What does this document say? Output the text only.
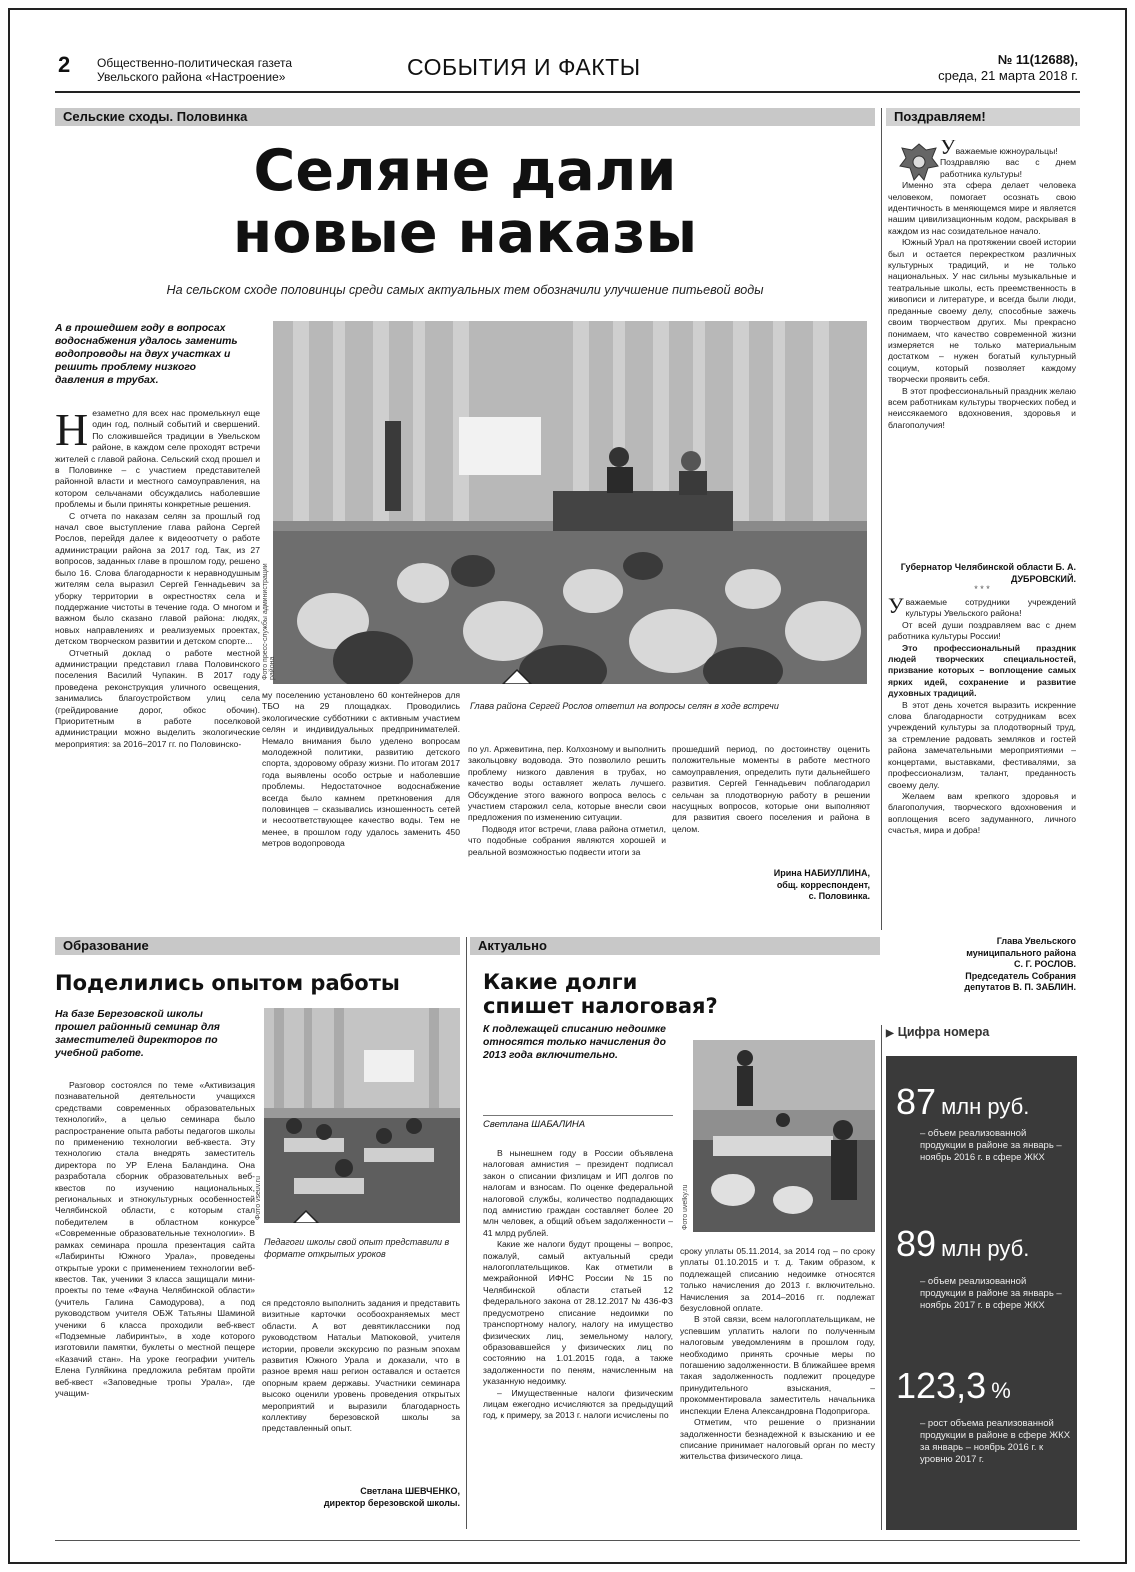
2 Общественно-политическая газета
Увельского района «Настроение»	СОБЫТИЯ И ФАКТЫ	№ 11(12688),
среда, 21 марта 2018 г.
Сельские сходы. Половинка
Селяне дали
новые наказы
На сельском сходе половинцы среди самых актуальных тем обозначили улучшение питьевой воды
А в прошедшем году в вопросах водоснабжения удалось заменить водопроводы на двух участках и решить проблему низкого давления в трубах.
Фото пресс-службы администрации района
Глава района Сергей Рослов ответил на вопросы селян в ходе встречи

Незаметно для всех нас промелькнул еще один год, полный событий и свершений. По сложившейся традиции в Увельском районе, в каждом селе проходят встречи жителей с главой района. Сельский сход прошел и в Половинке – с участием представителей районной власти и местного самоуправления, на котором сельчанами обсуждались наболевшие проблемы и были приняты конкретные решения.

С отчета по наказам селян за прошлый год начал свое выступление глава района Сергей Рослов, перейдя далее к видеоотчету о работе администрации района за 2017 год. Так, из 27 вопросов, заданных главе в прошлом году, решено было 16. Слова благодарности к неравнодушным жителям села выразил Сергей Геннадьевич за уборку территории в окрестностях села и поддержание чистоты в течение года. О многом и важном было сказано главой района: людях, новых направлениях и реализуемых проектах, детском творческом развитии и детском спорте...

Отчетный доклад о работе местной администрации представил глава Половинского поселения Василий Чупакин. В 2017 году проведена реконструкция уличного освещения, занимались благоустройством улиц села (грейдирование дорог, обкос обочин). Приоритетным в работе поселковой администрации можно выделить экологические мероприятия: за 2016–2017 гг. по Половинско-

му поселению установлено 60 контейнеров для ТБО на 29 площадках. Проводились экологические субботники с активным участием селян и индивидуальных предпринимателей. Немало внимания было уделено вопросам молодежной политики, развитию детского спорта, здоровому образу жизни. По итогам 2017 года выявлены особо острые и наболевшие проблемы. Недостаточное водоснабжение всегда было камнем преткновения для половинцев – сказывались изношенность сетей и несоответствующее качество воды. Тем не менее, в прошлом году удалось заменить 450 метров водопровода

по ул. Аржевитина, пер. Колхозному и выполнить закольцовку водовода. Это позволило решить проблему низкого давления в трубах, но качество воды оставляет желать лучшего. Обсуждение этого важного вопроса велось с участием старожил села, которые внесли свои предложения по изменению ситуации.

Подводя итог встречи, глава района отметил, что подобные собрания являются хорошей и реальной возможностью подвести итоги за

прошедший период, по достоинству оценить положительные моменты в работе местного самоуправления, определить пути дальнейшего развития. Сергей Геннадьевич поблагодарил сельчан за плодотворную работу в решении насущных вопросов, которые они выполняют для развития своего поселения и района в целом.

Ирина НАБИУЛЛИНА,
общ. корреспондент,
с. Половинка.
Поздравляем!

Уважаемые южноуральцы!

Поздравляю вас с днем работника культуры!

Именно эта сфера делает человека человеком, помогает осознать свою идентичность в меняющемся мире и является нашим цивилизационным кодом, раскрывая в каждом из нас созидательное начало.

Южный Урал на протяжении своей истории был и остается перекрестком различных культурных традиций, и не только национальных. У нас сильны музыкальные и театральные школы, есть преемственность в живописи и литературе, и всегда были люди, преданные своему делу, способные зажечь своим творчеством других. Мы прекрасно понимаем, что качество современной жизни измеряется не только материальным достатком – нужен богатый культурный социум, который позволяет каждому творчески проявить себя.

В этот профессиональный праздник желаю всем работникам культуры творческих побед и неиссякаемого вдохновения, здоровья и благополучия!

Губернатор Челябинской области Б. А. ДУБРОВСКИЙ.
* * *

Уважаемые сотрудники учреждений культуры Увельского района!

От всей души поздравляем вас с днем работника культуры России!

Это профессиональный праздник людей творческих специальностей, призвание которых – воплощение самых ярких идей, сохранение и развитие духовных традиций.

В этот день хочется выразить искренние слова благодарности сотрудникам всех учреждений культуры за плодотворный труд, за стремление радовать земляков и гостей района замечательными мероприятиями – концертами, выставками, фестивалями, за профессионализм, талант, преданность своему делу.

Желаем вам крепкого здоровья и благополучия, творческого вдохновения и воплощения всего задуманного, личного счастья, мира и добра!

Глава Увельского
муниципального района
С. Г. РОСЛОВ.
Председатель Собрания
депутатов В. П. ЗАБЛИН.
Образование
Поделились опытом работы
На базе Березовской школы прошел районный семинар для заместителей директоров по учебной работе.
Фото vseuv.ru
Педагоги школы свой опыт представили в формате открытых уроков

Разговор состоялся по теме «Активизация познавательной деятельности учащихся средствами современных образовательных технологий», а целью семинара было распространение опыта работы педагогов школы по применению технологии веб-квеста. Эту технологию стала внедрять заместитель директора по УР Елена Баландина. Она разработала сборник образовательных веб-квестов по изучению национальных, региональных и этнокультурных особенностей Челябинской области, с которым стал победителем в областном конкурсе «Современные образовательные технологии». В рамках семинара прошла презентация сайта «Лабиринты Южного Урала», проведены открытые уроки с применением технологии веб-квестов. Так, ученики 3 класса защищали мини-проекты по теме «Фауна Челябинской области» (учитель Галина Самодурова), а под руководством учителя ОБЖ Татьяны Шаминой ученики 6 класса проходили веб-квест «Подземные лабиринты», в ходе которого изготовили памятки, буклеты о местной пещере «Казачий стан». На уроке географии учитель Елена Гуляйкина предложила ребятам пройти веб-квест «Заповедные тропы Урала», где учащим-

ся предстояло выполнить задания и представить визитные карточки особоохраняемых мест области. А вот девятиклассники под руководством Натальи Матюковой, учителя истории, провели экскурсию по разным эпохам развития Южного Урала и доказали, что в разное время наш регион оставался и остается опорным краем державы. Участники семинара высоко оценили уровень проведения открытых мероприятий и выразили благодарность коллективу березовской школы за представленный опыт.

Светлана ШЕВЧЕНКО,
директор березовской школы.
Актуально
Какие долги
спишет налоговая?
К подлежащей списанию недоимке относятся только начисления до 2013 года включительно.
Светлана ШАБАЛИНА
Фото uvelky.ru

В нынешнем году в России объявлена налоговая амнистия – президент подписал закон о списании физлицам и ИП долгов по налогам и взносам. По оценке федеральной налоговой службы, количество подпадающих под амнистию граждан составляет более 20 млн человек, а общий объем задолженности – 41 млрд рублей.

Какие же налоги будут прощены – вопрос, пожалуй, самый актуальный среди налогоплательщиков. Как отметили в межрайонной ИФНС России №15 по Челябинской области статьей 12 федерального закона от 28.12.2017 № 436-ФЗ предусмотрено списание недоимки по транспортному налогу, налогу на имущество физических лиц, земельному налогу, образовавшейся у физических лиц по состоянию на 1.01.2015 года, а также задолженности по пеням, начисленным на указанную недоимку.

– Имущественные налоги физическим лицам ежегодно исчисляются за предыдущий год, к примеру, за 2013 г. налоги исчислены по

сроку уплаты 05.11.2014, за 2014 год – по сроку уплаты 01.10.2015 и т. д. Таким образом, к подлежащей списанию недоимке относятся только начисления до 2013 г. включительно. Начисления за 2014–2016 гг. подлежат безусловной оплате.

В этой связи, всем налогоплательщикам, не успевшим уплатить налоги по полученным налоговым уведомлениям в прошлом году, необходимо принять срочные меры по погашению задолженности. В ближайшее время такая задолженность подлежит процедуре принудительного взыскания, – прокомментировала заместитель начальника инспекции Елена Александровна Подопригора.

Отметим, что решение о признании задолженности безнадежной к взысканию и ее списание принимает налоговый орган по месту жительства физического лица.

▶ Цифра номера
87 млн руб.
– объем реализованной продукции в районе за январь – ноябрь 2016 г. в сфере ЖКХ
89 млн руб.
– объем реализованной продукции в районе за январь – ноябрь 2017 г. в сфере ЖКХ
123,3 %
– рост объема реализованной продукции в районе в сфере ЖКХ за январь – ноябрь 2016 г. к уровню 2017 г.
